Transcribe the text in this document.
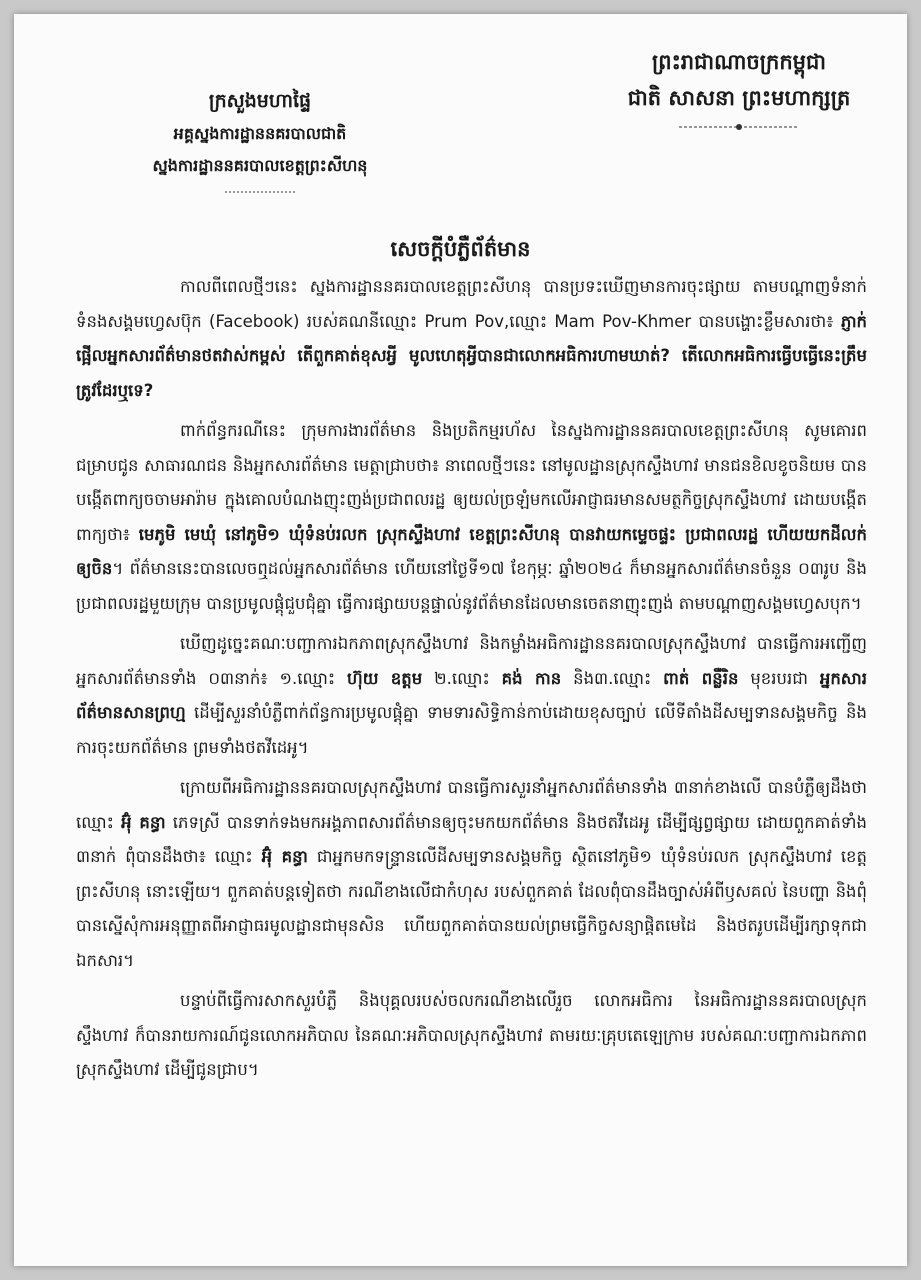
ព្រះរាជាណាចក្រកម្ពុជា
ជាតិ សាសនា ព្រះមហាក្សត្រ
ក្រសួងមហាផ្ទៃ
អគ្គស្នងការដ្ឋាននគរបាលជាតិ
ស្នងការដ្ឋាននគរបាលខេត្តព្រះសីហនុ
សេចក្តីបំភ្លឺព័ត៌មាន

កាលពីពេលថ្មីៗនេះ ស្នងការដ្ឋាននគរបាលខេត្តព្រះសីហនុ បានប្រទះឃើញមានការចុះផ្សាយ តាមបណ្តាញទំនាក់ទំនងសង្គមហ្វេសប៊ុក (Facebook) របស់គណនីឈ្មោះ Prum Pov,ឈ្មោះ Mam Pov-Khmer បានបង្ហោះខ្លឹមសារថា៖ ភ្ញាក់ផ្អើលអ្នកសារព័ត៌មានថតវាស់កម្ពស់ តើពួកគាត់ខុសអ្វី មូលហេតុអ្វីបានជាលោកអធិការហាមឃាត់? តើលោកអធិការធ្វើបធ្វើនេះត្រឹមត្រូវដែរឬទេ?

ពាក់ព័ន្ធករណីនេះ ក្រុមការងារព័ត៌មាន និងប្រតិកម្មរហ័ស នៃស្នងការដ្ឋាននគរបាលខេត្តព្រះសីហនុ សូមគោរពជម្រាបជូន សាធារណជន និងអ្នកសារព័ត៌មាន មេត្តាជ្រាបថា៖ នាពេលថ្មីៗនេះ នៅមូលដ្ឋានស្រុកស្ទឹងហាវ មានជនខិលខូចនិយម បានបង្កើតពាក្យចចាមអារ៉ាម ក្នុងគោលបំណងញុះញង់ប្រជាពលរដ្ឋ ឲ្យយល់ច្រឡំមកលើអាជ្ញាធរមានសមត្ថកិច្ចស្រុកស្ទឹងហាវ ដោយបង្កើតពាក្យថា៖ មេភូមិ មេឃុំ នៅភូមិ១ ឃុំទំនប់រលក ស្រុកស្ទឹងហាវ ខេត្តព្រះសីហនុ បានវាយកម្ទេចផ្ទះ ប្រជាពលរដ្ឋ ហើយយកដីលក់ឲ្យចិន។ ព័ត៌មាននេះបានលេចឮដល់អ្នកសារព័ត៌មាន ហើយនៅថ្ងៃទី១៧ ខែកុម្ភៈ ឆ្នាំ២០២៤ ក៏មានអ្នកសារព័ត៌មានចំនួន ០៣រូប និងប្រជាពលរដ្ឋមួយក្រុម បានប្រមូលផ្តុំជួបជុំគ្នា ធ្វើការផ្សាយបន្តផ្ទាល់នូវព័ត៌មានដែលមានចេតនាញុះញង់ តាមបណ្តាញសង្គមហ្វេសបុក។

ឃើញដូច្នេះគណៈបញ្ជាការឯកភាពស្រុកស្ទឹងហាវ និងកម្លាំងអធិការដ្ឋាននគរបាលស្រុកស្ទឹងហាវ បានធ្វើការអញ្ជើញ អ្នកសារព័ត៌មានទាំង ០៣នាក់៖ ១.ឈ្មោះ ហ៊ុយ ឧត្តម ២.ឈ្មោះ គង់ កាន និង៣.ឈ្មោះ ពាត់ ពន្លឺរិន មុខរបរជា អ្នកសារព័ត៌មានសានព្រហ្ម ដើម្បីសួរនាំបំភ្លឺពាក់ព័ន្ធការប្រមូលផ្តុំគ្នា ទាមទារសិទ្ធិកាន់កាប់ដោយខុសច្បាប់ លើទីតាំងដីសម្បទានសង្គមកិច្ច និងការចុះយកព័ត៌មាន ព្រមទាំងថតវីដេអូ។

ក្រោយពីអធិការដ្ឋាននគរបាលស្រុកស្ទឹងហាវ បានធ្វើការសួរនាំអ្នកសារព័ត៌មានទាំង ៣នាក់ខាងលើ បានបំភ្លឺឲ្យដឹងថាឈ្មោះ អ៊ុំ គន្ធា ភេទស្រី បានទាក់ទងមកអង្គភាពសារព័ត៌មានឲ្យចុះមកយកព័ត៌មាន និងថតវីដេអូ ដើម្បីផ្សព្វផ្សាយ ដោយពួកគាត់ទាំង ៣នាក់ ពុំបានដឹងថា៖ ឈ្មោះ អ៊ុំ គន្ធា ជាអ្នកមកទន្ទ្រានលើដីសម្បទានសង្គមកិច្ច ស្ថិតនៅភូមិ១ ឃុំទំនប់រលក ស្រុកស្ទឹងហាវ ខេត្តព្រះសីហនុ នោះឡើយ។ ពួកគាត់បន្តទៀតថា ករណីខាងលើជាកំហុស របស់ពួកគាត់ ដែលពុំបានដឹងច្បាស់អំពីឫសគល់ នៃបញ្ហា និងពុំបានស្នើសុំការអនុញ្ញាតពីអាជ្ញាធរមូលដ្ឋានជាមុនសិន ហើយពួកគាត់បានយល់ព្រមធ្វើកិច្ចសន្យាផ្តិតមេដៃ និងថតរូបដើម្បីរក្សាទុកជាឯកសារ។

បន្ទាប់ពីធ្វើការសាកសួរបំភ្លឺ និងបុគ្គលរបស់ចលករណីខាងលើរួច លោកអធិការ នៃអធិការដ្ឋាននគរបាលស្រុកស្ទឹងហាវ ក៏បានរាយការណ៍ជូនលោកអភិបាល នៃគណៈអភិបាលស្រុកស្ទឹងហាវ តាមរយៈគ្រុបតេឡេក្រាម របស់គណៈបញ្ជាការឯកភាពស្រុកស្ទឹងហាវ ដើម្បីជូនជ្រាប។
